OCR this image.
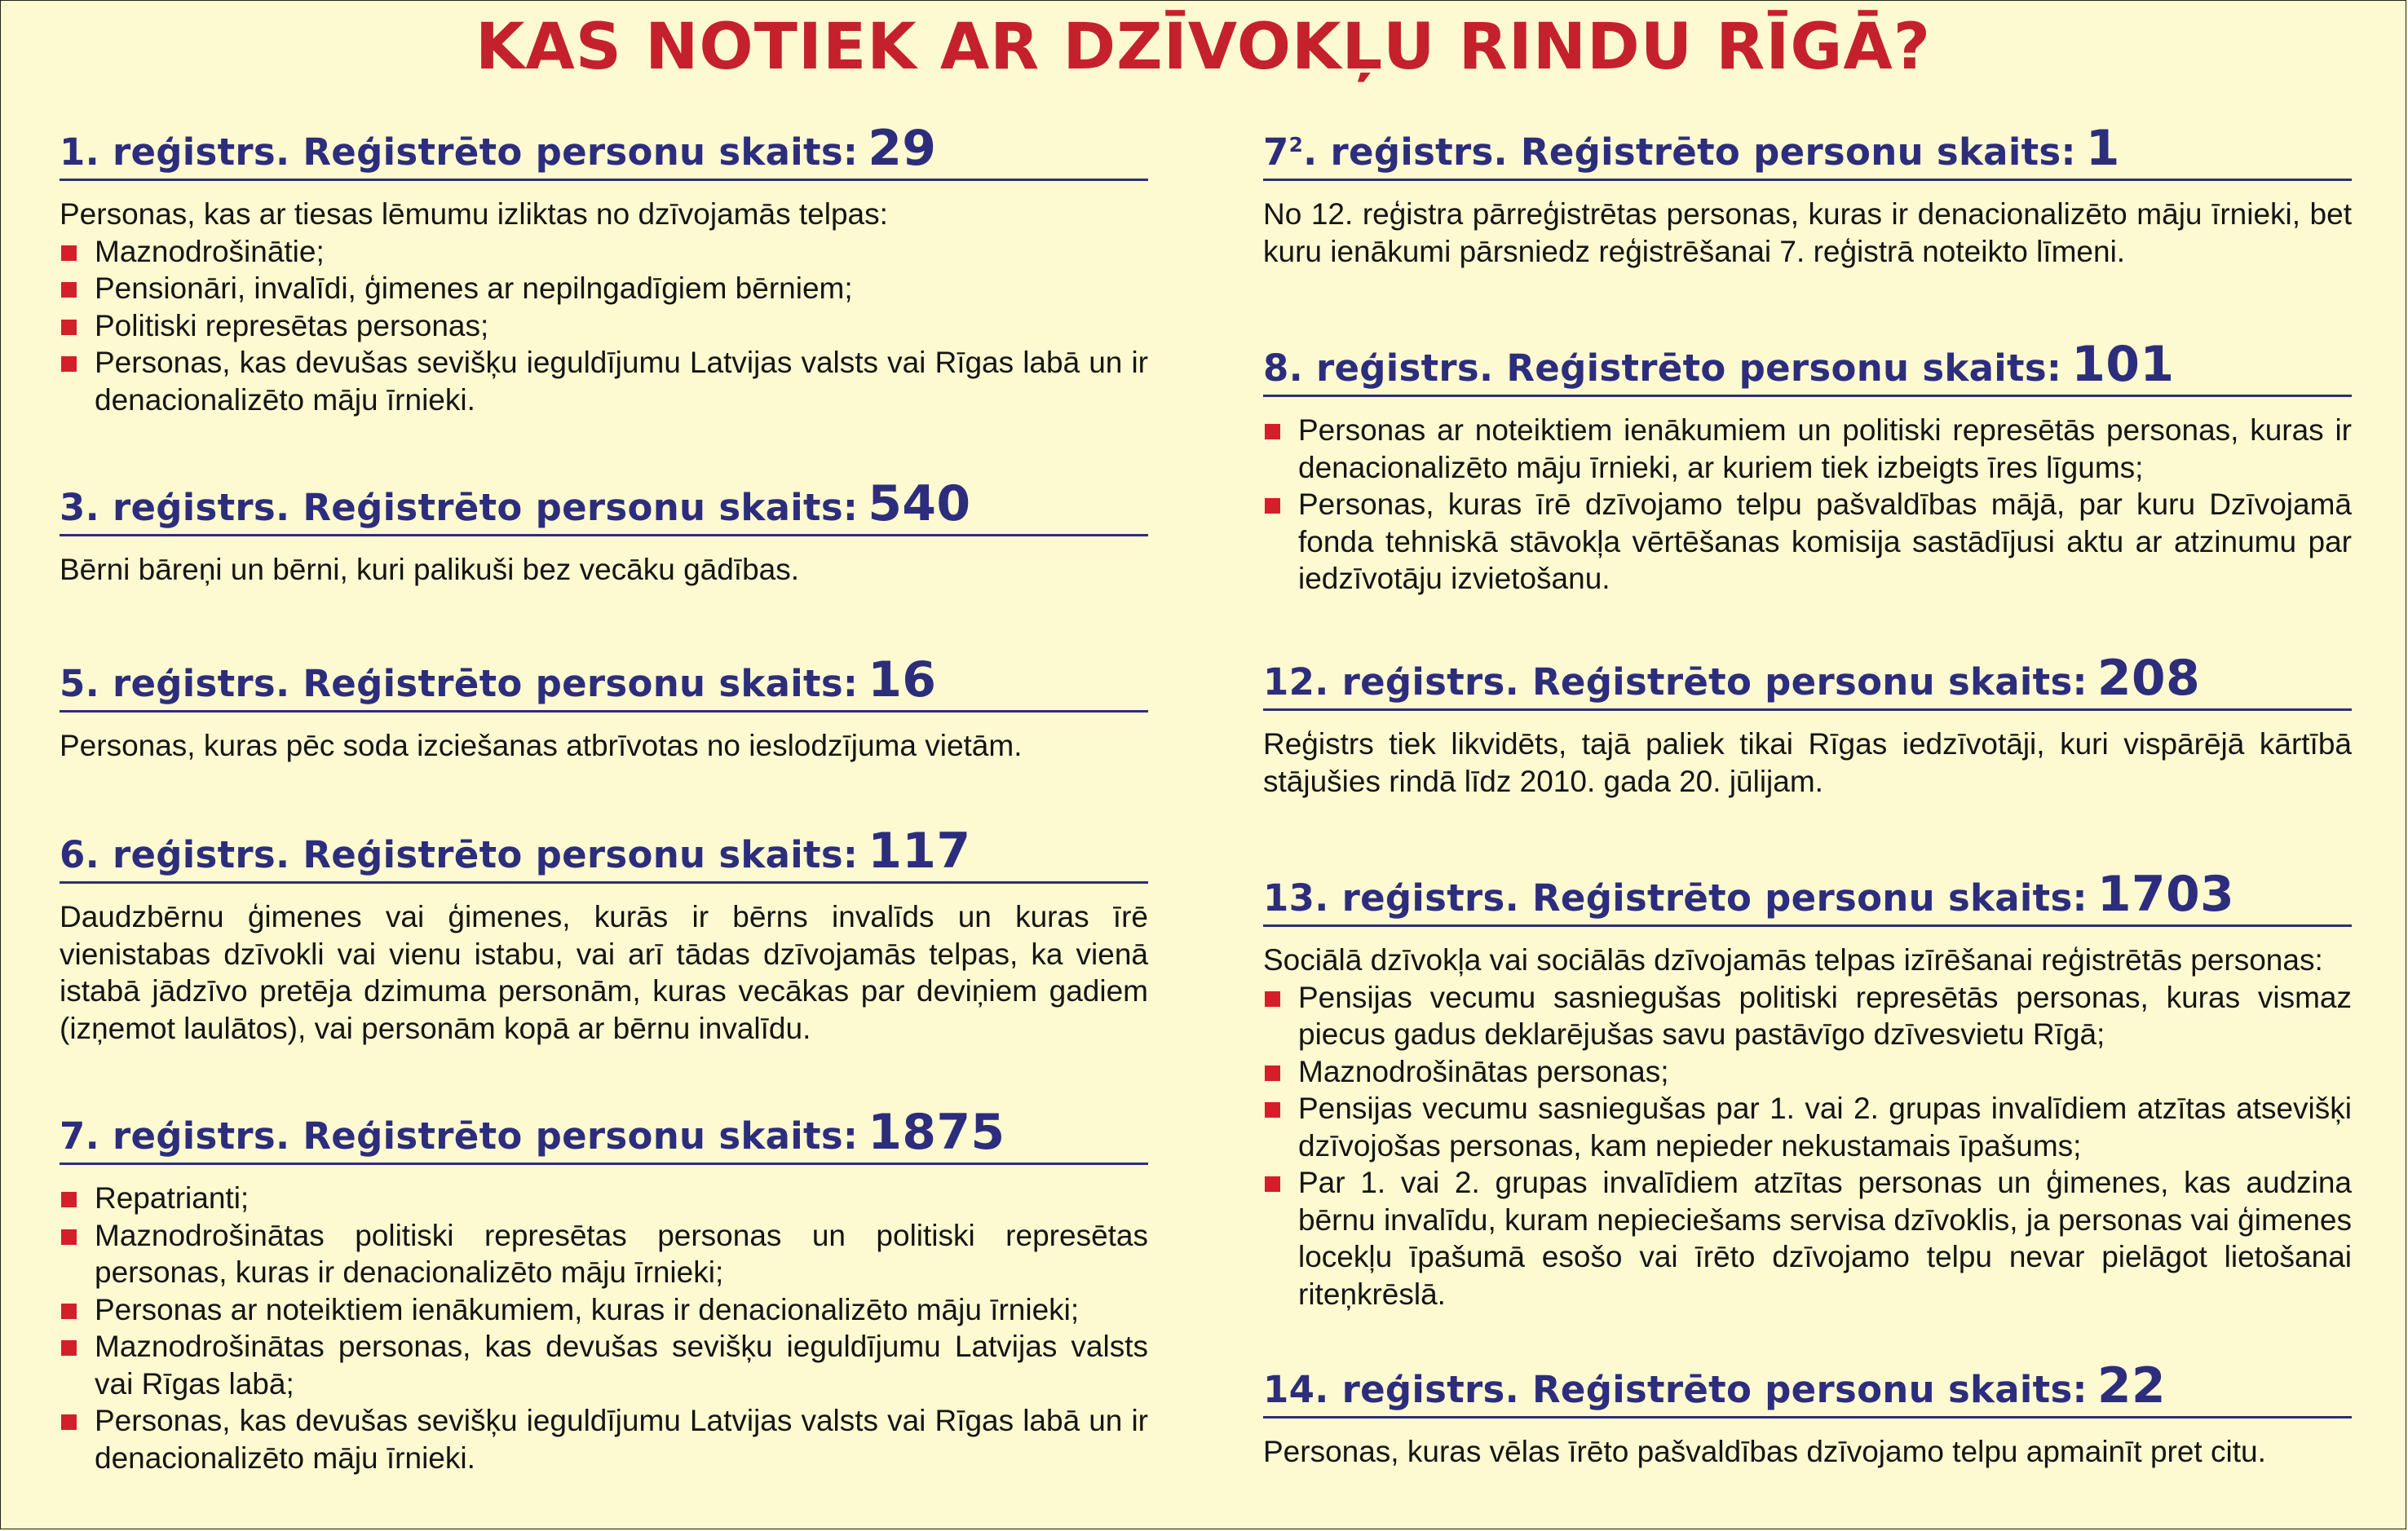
KAS NOTIEK AR DZĪVOKĻU RINDU RĪGĀ?
1. reģistrs. Reģistrēto personu skaits: 29

Personas, kas ar tiesas lēmumu izliktas no dzīvojamās telpas:

Maznodrošinātie;
Pensionāri, invalīdi, ģimenes ar nepilngadīgiem bērniem;
Politiski represētas personas;
Personas, kas devušas sevišķu ieguldījumu Latvijas valsts vai Rīgas labā un ir denacionalizēto māju īrnieki.
3. reģistrs. Reģistrēto personu skaits: 540

Bērni bāreņi un bērni, kuri palikuši bez vecāku gādības.

5. reģistrs. Reģistrēto personu skaits: 16

Personas, kuras pēc soda izciešanas atbrīvotas no ieslodzījuma vietām.

6. reģistrs. Reģistrēto personu skaits: 117

Daudzbērnu ģimenes vai ģimenes, kurās ir bērns invalīds un kuras īrē vienistabas dzīvokli vai vienu istabu, vai arī tādas dzīvojamās telpas, ka vienā istabā jādzīvo pretēja dzimuma personām, kuras vecākas par deviņiem gadiem (izņemot laulātos), vai personām kopā ar bērnu invalīdu.

7. reģistrs. Reģistrēto personu skaits: 1875
Repatrianti;
Maznodrošinātas politiski represētas personas un politiski represētas personas, kuras ir denacionalizēto māju īrnieki;
Personas ar noteiktiem ienākumiem, kuras ir denacionalizēto māju īrnieki;
Maznodrošinātas personas, kas devušas sevišķu ieguldījumu Latvijas valsts vai Rīgas labā;
Personas, kas devušas sevišķu ieguldījumu Latvijas valsts vai Rīgas labā un ir denacionalizēto māju īrnieki.
$7^2$. reģistrs. Reģistrēto personu skaits: 1

No 12. reģistra pārreģistrētas personas, kuras ir denacionalizēto māju īrnieki, bet kuru ienākumi pārsniedz reģistrēšanai 7. reģistrā noteikto līmeni.

8. reģistrs. Reģistrēto personu skaits: 101
Personas ar noteiktiem ienākumiem un politiski represētās personas, kuras ir denacionalizēto māju īrnieki, ar kuriem tiek izbeigts īres līgums;
Personas, kuras īrē dzīvojamo telpu pašvaldības mājā, par kuru Dzīvojamā fonda tehniskā stāvokļa vērtēšanas komisija sastādījusi aktu ar atzinumu par iedzīvotāju izvietošanu.
12. reģistrs. Reģistrēto personu skaits: 208

Reģistrs tiek likvidēts, tajā paliek tikai Rīgas iedzīvotāji, kuri vispārējā kārtībā stājušies rindā līdz 2010. gada 20. jūlijam.

13. reģistrs. Reģistrēto personu skaits: 1703

Sociālā dzīvokļa vai sociālās dzīvojamās telpas izīrēšanai reģistrētās personas:

Pensijas vecumu sasniegušas politiski represētās personas, kuras vismaz piecus gadus deklarējušas savu pastāvīgo dzīvesvietu Rīgā;
Maznodrošinātas personas;
Pensijas vecumu sasniegušas par 1. vai 2. grupas invalīdiem atzītas atsevišķi dzīvojošas personas, kam nepieder nekustamais īpašums;
Par 1. vai 2. grupas invalīdiem atzītas personas un ģimenes, kas audzina bērnu invalīdu, kuram nepieciešams servisa dzīvoklis, ja personas vai ģimenes locekļu īpašumā esošo vai īrēto dzīvojamo telpu nevar pielāgot lietošanai riteņkrēslā.
14. reģistrs. Reģistrēto personu skaits: 22

Personas, kuras vēlas īrēto pašvaldības dzīvojamo telpu apmainīt pret citu.
